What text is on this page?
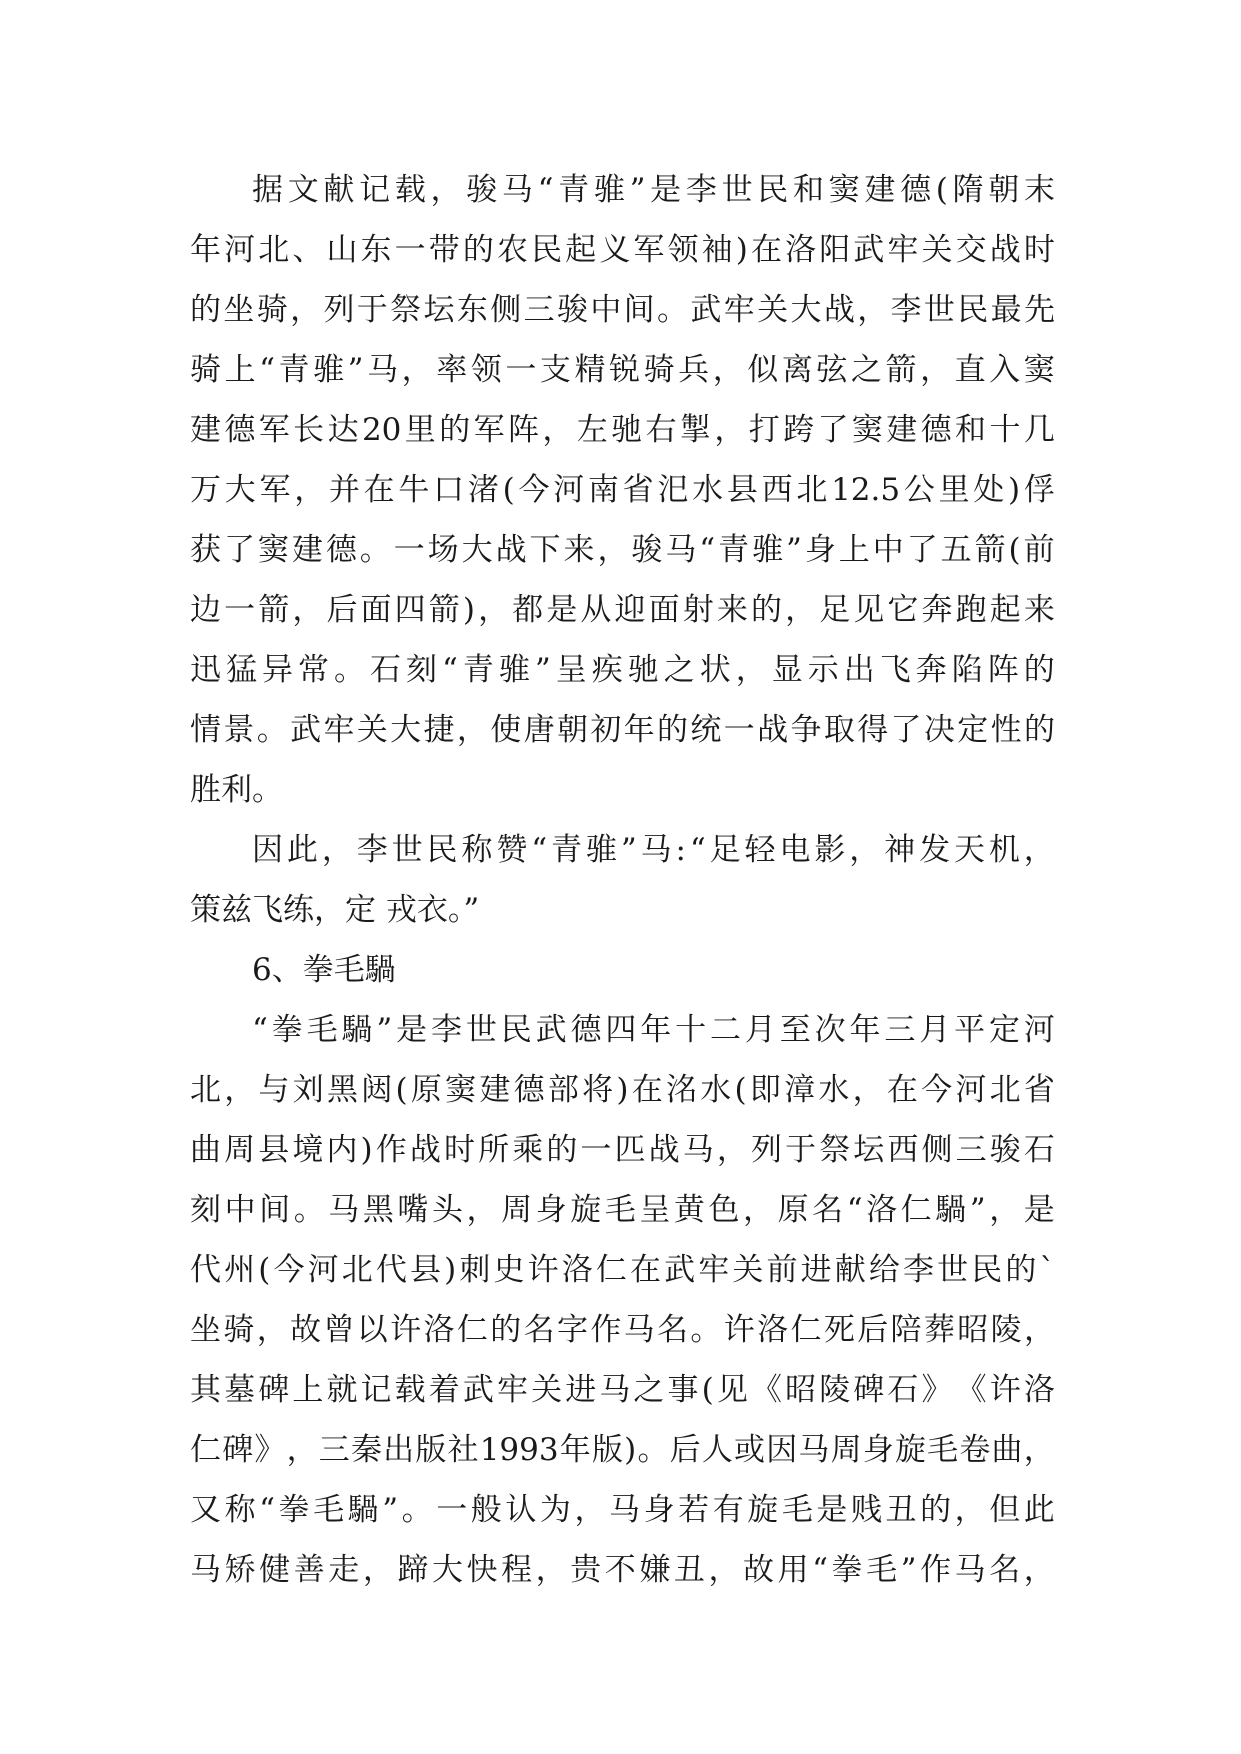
据 文 献 记 载 ， 骏 马 “ 青 骓 ” 是 李 世 民 和 窦 建 德 ( 隋 朝 末
年 河 北 、 山 东 一 带 的 农 民 起 义 军 领 袖 ) 在 洛 阳 武 牢 关 交 战 时
的 坐 骑 ， 列 于 祭 坛 东 侧 三 骏 中 间 。 武 牢 关 大 战 ， 李 世 民 最 先
骑 上 “ 青 骓 ” 马 ， 率 领 一 支 精 锐 骑 兵 ， 似 离 弦 之 箭 ， 直 入 窦
建 德 军 长 达 20 里 的 军 阵 ， 左 驰 右 掣 ， 打 跨 了 窦 建 德 和 十 几
万 大 军 ， 并 在 牛 口 渚 ( 今 河 南 省 汜 水 县 西 北 12.5 公 里 处 ) 俘
获 了 窦 建 德 。 一 场 大 战 下 来 ， 骏 马 “ 青 骓 ” 身 上 中 了 五 箭 ( 前
边 一 箭 ， 后 面 四 箭 ) ， 都 是 从 迎 面 射 来 的 ， 足 见 它 奔 跑 起 来
迅 猛 异 常 。 石 刻 “ 青 骓 ” 呈 疾 驰 之 状 ， 显 示 出 飞 奔 陷 阵 的
情 景 。 武 牢 关 大 捷 ， 使 唐 朝 初 年 的 统 一 战 争 取 得 了 决 定 性 的
胜利。
因 此 ， 李 世 民 称 赞 “ 青 骓 ” 马 : “ 足 轻 电 影 ， 神 发 天 机 ，
策兹飞练，定 戎衣。”
6、拳毛騧
“ 拳 毛 騧 ” 是 李 世 民 武 德 四 年 十 二 月 至 次 年 三 月 平 定 河
北 ， 与 刘 黑 闼 ( 原 窦 建 德 部 将 ) 在 洺 水 ( 即 漳 水 ， 在 今 河 北 省
曲 周 县 境 内 ) 作 战 时 所 乘 的 一 匹 战 马 ， 列 于 祭 坛 西 侧 三 骏 石
刻 中 间 。 马 黑 嘴 头 ， 周 身 旋 毛 呈 黄 色 ， 原 名 “ 洛 仁 騧 ” ， 是
代 州 ( 今 河 北 代 县 ) 刺 史 许 洛 仁 在 武 牢 关 前 进 献 给 李 世 民 的 `
坐 骑 ， 故 曾 以 许 洛 仁 的 名 字 作 马 名 。 许 洛 仁 死 后 陪 葬 昭 陵 ，
其 墓 碑 上 就 记 载 着 武 牢 关 进 马 之 事 ( 见 《 昭 陵 碑 石 》 《 许 洛
仁 碑 》 ， 三 秦 出 版 社 1993 年 版 ) 。 后 人 或 因 马 周 身 旋 毛 卷 曲 ，
又 称 “ 拳 毛 騧 ” 。 一 般 认 为 ， 马 身 若 有 旋 毛 是 贱 丑 的 ， 但 此
马 矫 健 善 走 ， 蹄 大 快 程 ， 贵 不 嫌 丑 ， 故 用 “ 拳 毛 ” 作 马 名 ，
